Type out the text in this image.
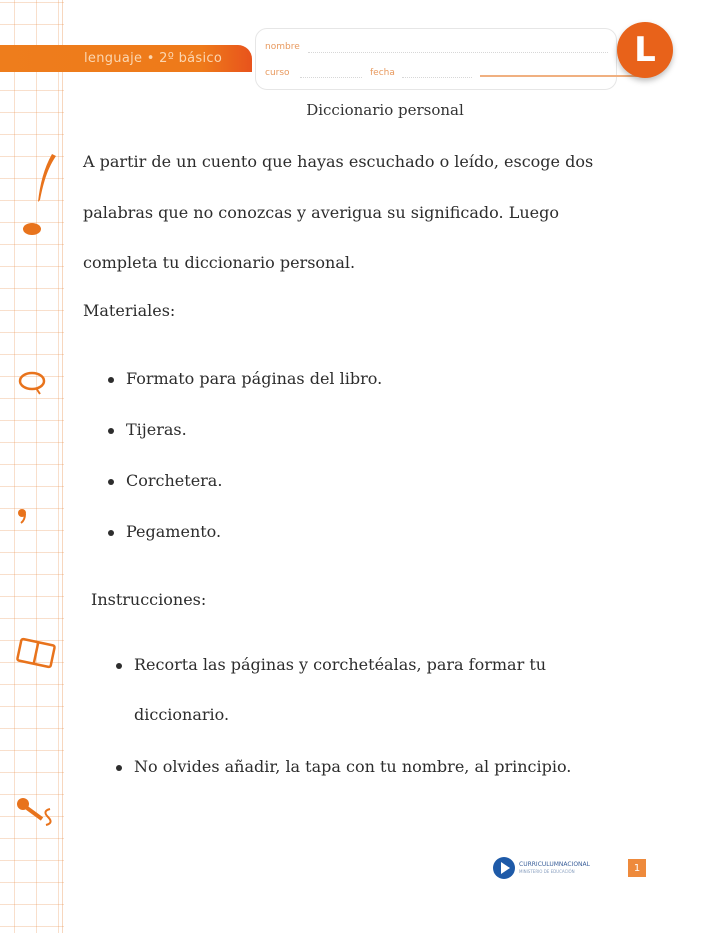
lenguaje • 2º básico
nombre
curso	fecha
L
Diccionario personal
A partir de un cuento que hayas escuchado o leído, escoge dos
palabras que no conozcas y averigua su significado. Luego
completa tu diccionario personal.
Materiales:
Formato para páginas del libro.
Tijeras.
Corchetera.
Pegamento.
Instrucciones:
Recorta las páginas y corchetéalas, para formar tu
diccionario.
No olvides añadir, la tapa con tu nombre, al principio.
CURRICULUMNACIONAL
MINISTERIO DE EDUCACIÓN	1
